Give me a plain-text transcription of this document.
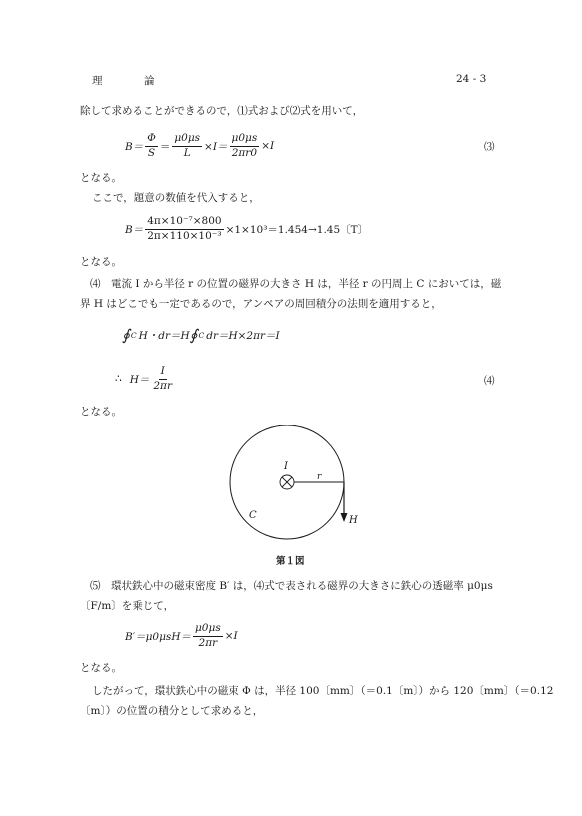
理	論	24 - 3
除して求めることができるので，⑴式および⑵式を用いて，
$B= \frac{\Phi}{S} = \frac{\mu 0\mu s}{L} \times I= \frac{\mu 0\mu s}{2\pi r0} \times I$	⑶
となる。
ここで，題意の数値を代入すると，
$B= \frac{\text{4π×10⁻⁷×800}}{\text{2π×110×10⁻³}} \times 1\times 10^3=1.454\to 1.45$〔T〕
となる。
⑷　電流 I から半径 r の位置の磁界の大きさ H は，半径 r の円周上 C においては，磁
界 H はどこでも一定であるので，アンペアの周回積分の法則を適用すると，
∮ C H・dr＝H ∮ C dr＝H×2πr＝I
∴ $H= \frac{I}{2\pi r}$	⑷
となる。
I
r
C	H
第１図
⑸　環状鉄心中の磁束密度 B′ は，⑷式で表される磁界の大きさに鉄心の透磁率 μ0μs
〔F/m〕を乗じて，
$B'=\mu 0\mu sH= \frac{\mu 0\mu s}{2\pi r} \times I$
となる。
したがって，環状鉄心中の磁束 Φ は，半径 100〔mm〕（＝0.1〔m〕）から 120〔mm〕（＝0.12
〔m〕）の位置の積分として求めると，
